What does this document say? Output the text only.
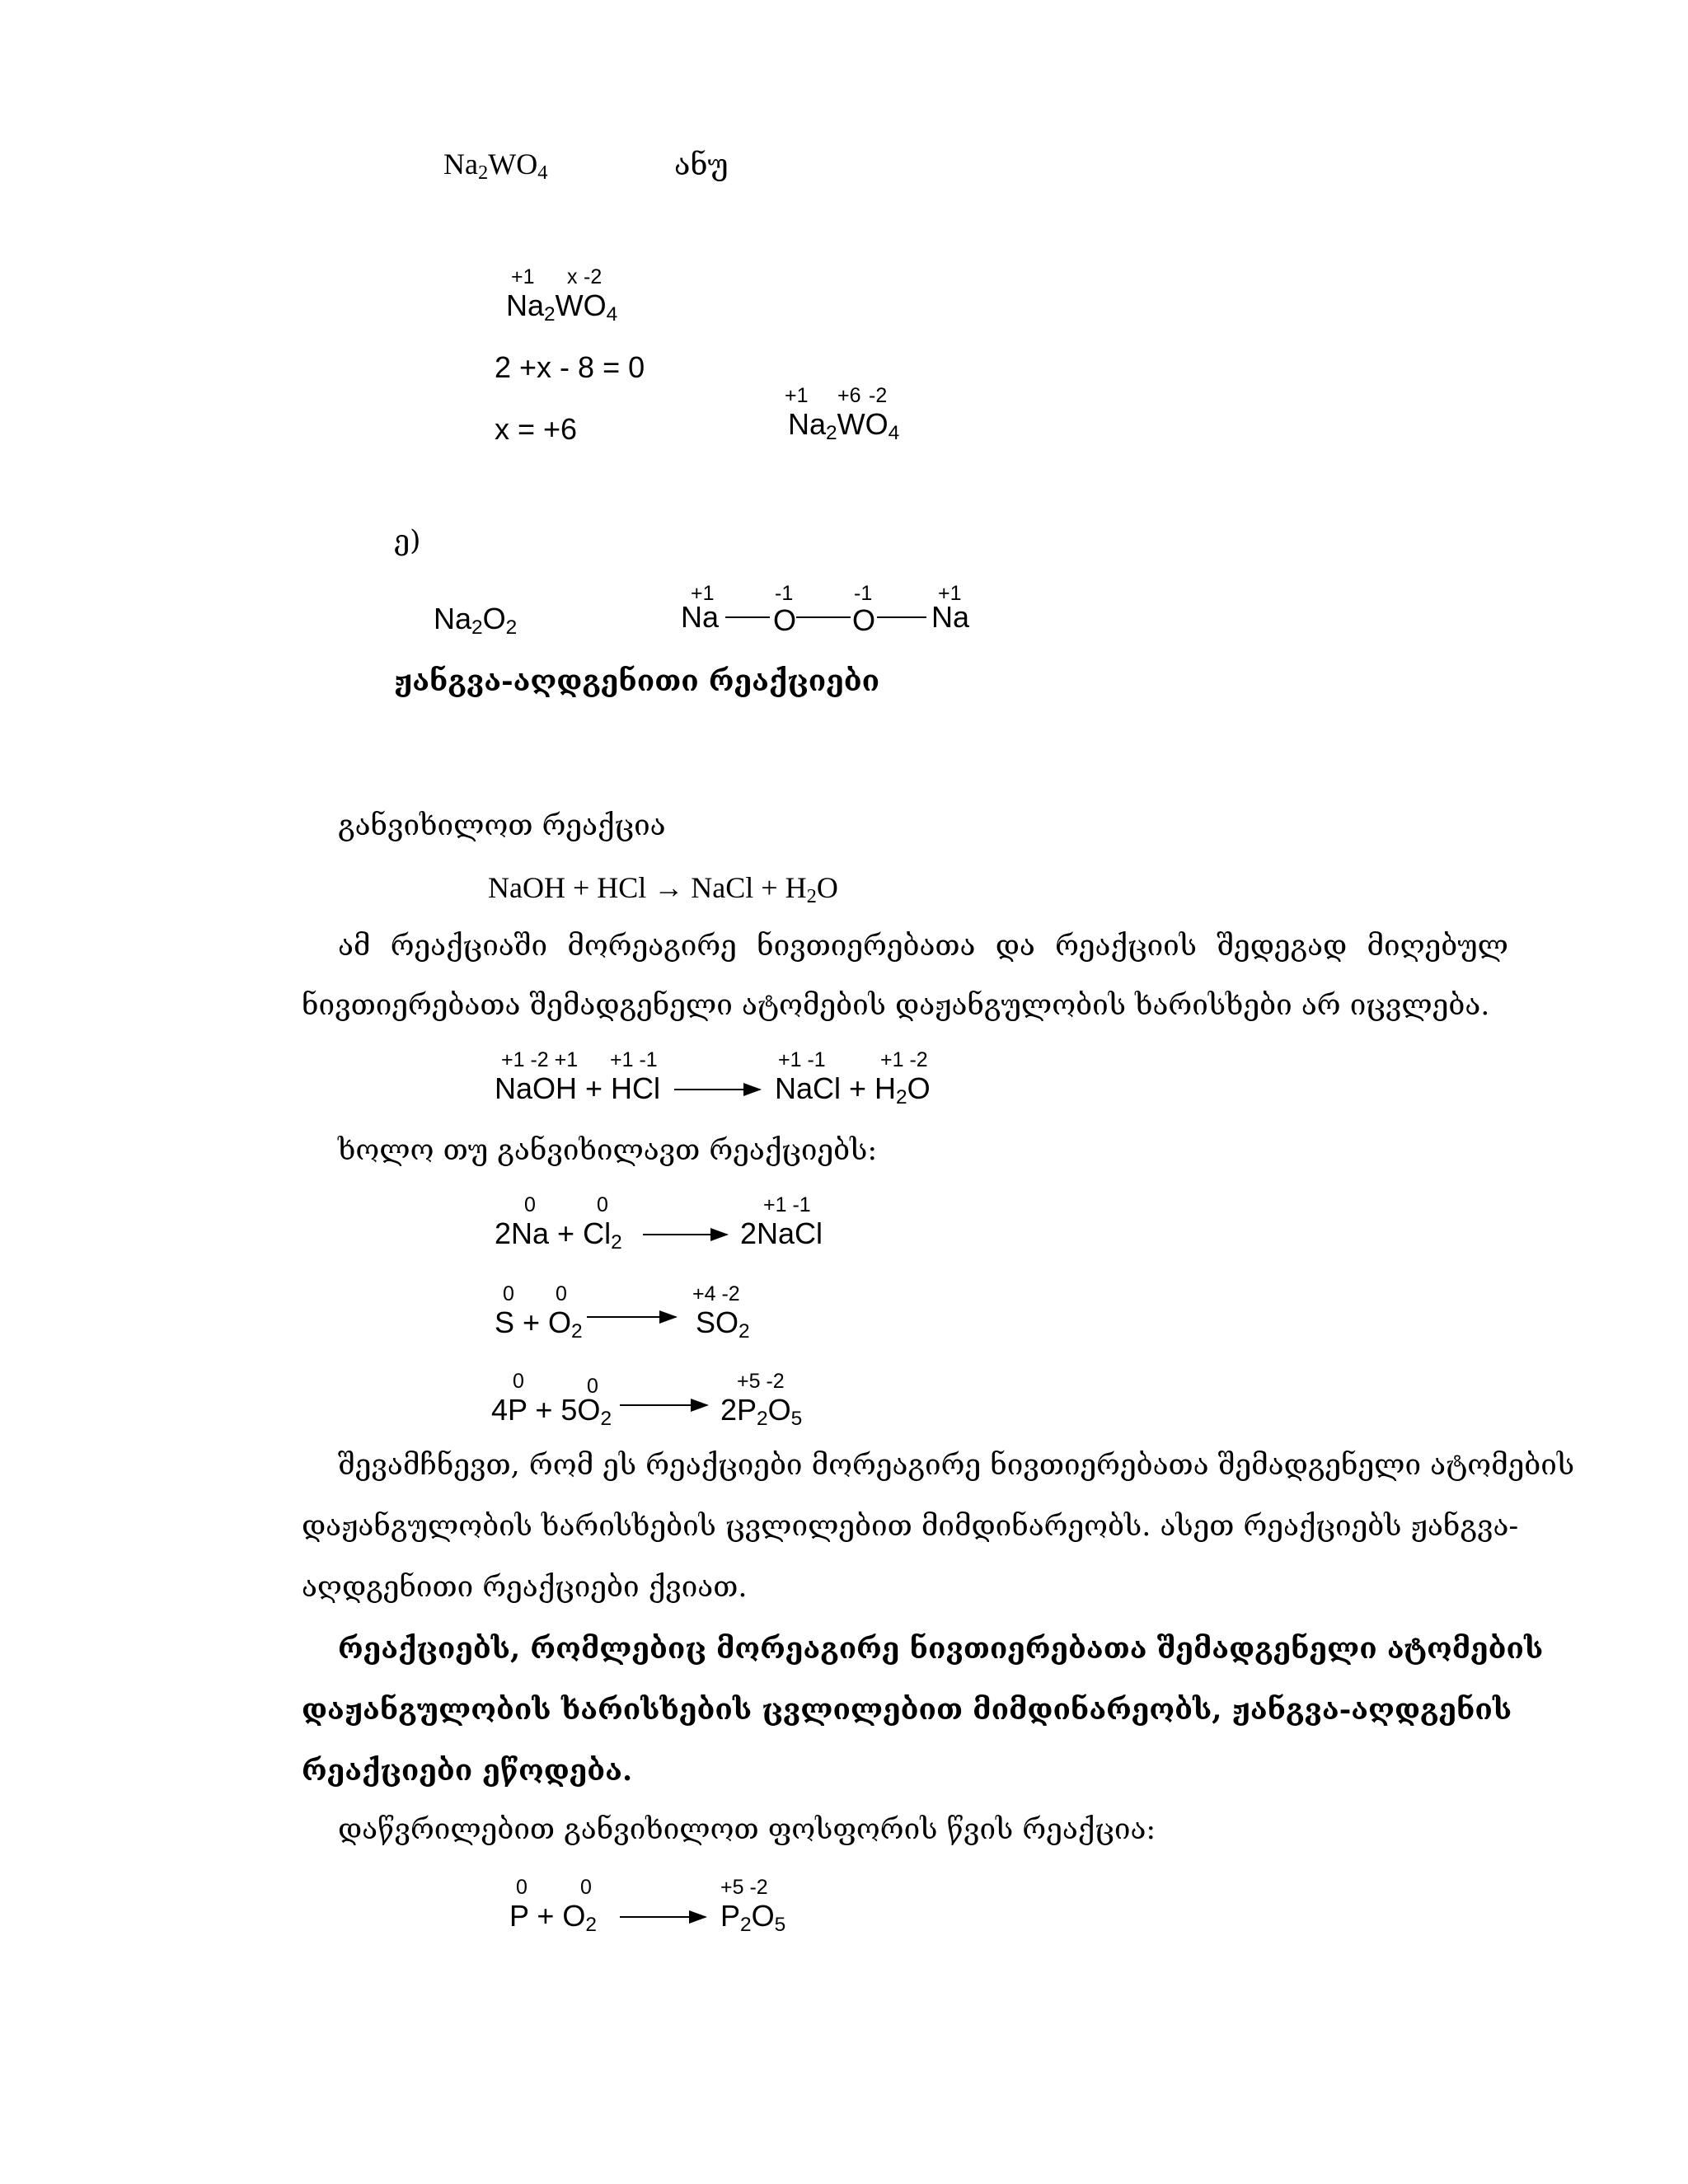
$Na_2WO_4$	ანუ
+1 x -2
$Na_2WO_4$
2 +x - 8 = 0
x = +6
+1 +6 -2
$Na_2WO_4$
ე)
$Na_2O_2$
+1	-1	-1	+1
Na O O Na
ჟანგვა-აღდგენითი რეაქციები
განვიხილოთ რეაქცია
NaOH + HCl → NaCl + $H_2O$
ამ რეაქციაში მორეაგირე ნივთიერებათა და რეაქციის შედეგად მიღებულ
ნივთიერებათა შემადგენელი ატომების დაჟანგულობის ხარისხები არ იცვლება.
+1 -2 +1 +1 -1
NaOH + HCl
+1 -1	+1 -2
NaCl + $H_2O$
ხოლო თუ განვიხილავთ რეაქციებს:
0	0
$2Na + Cl_2$
+1 -1
2NaCl
0 0
$S + O_2$
+4 -2
$SO_2$
0	0
$4P + 5O_2$
+5 -2
$2P_2O_5$
შევამჩნევთ, რომ ეს რეაქციები მორეაგირე ნივთიერებათა შემადგენელი ატომების
დაჟანგულობის ხარისხების ცვლილებით მიმდინარეობს. ასეთ რეაქციებს ჟანგვა-
აღდგენითი რეაქციები ქვიათ.
რეაქციებს, რომლებიც მორეაგირე ნივთიერებათა შემადგენელი ატომების
დაჟანგულობის ხარისხების ცვლილებით მიმდინარეობს, ჟანგვა-აღდგენის
რეაქციები ეწოდება.
დაწვრილებით განვიხილოთ ფოსფორის წვის რეაქცია:
0	0
$P + O_2$
+5 -2
$P_2O_5$
